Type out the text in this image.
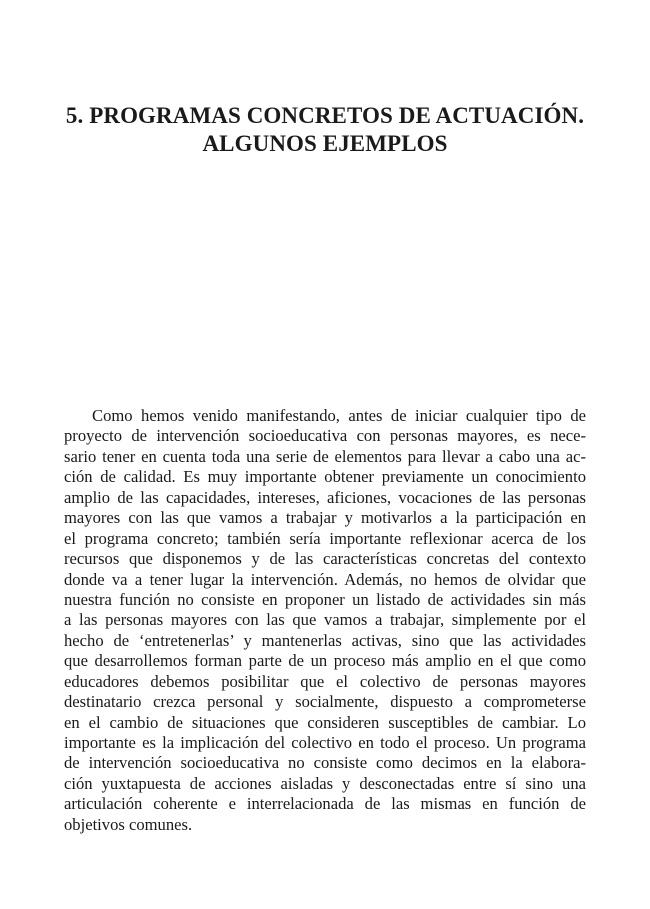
5. PROGRAMAS CONCRETOS DE ACTUACIÓN.
ALGUNOS EJEMPLOS

Como hemos venido manifestando, antes de iniciar cualquier tipo de
proyecto de intervención socioeducativa con personas mayores, es nece-
sario tener en cuenta toda una serie de elementos para llevar a cabo una ac-
ción de calidad. Es muy importante obtener previamente un conocimiento
amplio de las capacidades, intereses, aficiones, vocaciones de las personas
mayores con las que vamos a trabajar y motivarlos a la participación en
el programa concreto; también sería importante reflexionar acerca de los
recursos que disponemos y de las características concretas del contexto
donde va a tener lugar la intervención. Además, no hemos de olvidar que
nuestra función no consiste en proponer un listado de actividades sin más
a las personas mayores con las que vamos a trabajar, simplemente por el
hecho de ‘entretenerlas’ y mantenerlas activas, sino que las actividades
que desarrollemos forman parte de un proceso más amplio en el que como
educadores debemos posibilitar que el colectivo de personas mayores
destinatario crezca personal y socialmente, dispuesto a comprometerse
en el cambio de situaciones que consideren susceptibles de cambiar. Lo
importante es la implicación del colectivo en todo el proceso. Un programa
de intervención socioeducativa no consiste como decimos en la elabora-
ción yuxtapuesta de acciones aisladas y desconectadas entre sí sino una
articulación coherente e interrelacionada de las mismas en función de
objetivos comunes.
